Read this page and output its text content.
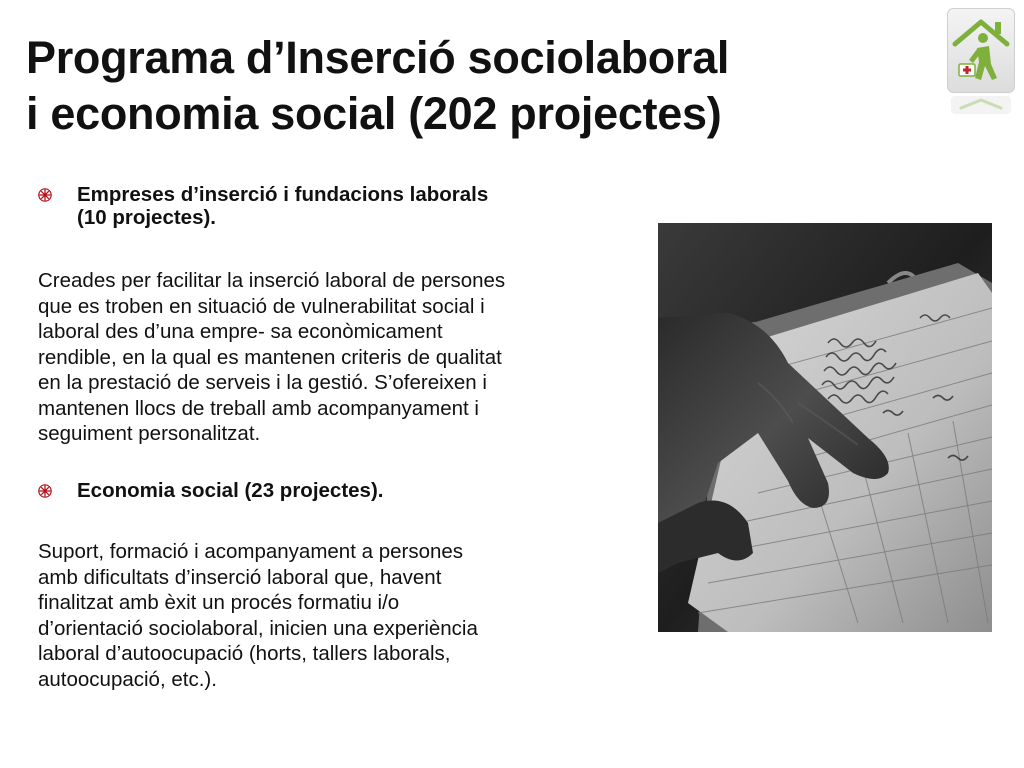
Programa d’Inserció sociolaboral
i economia social (202 projectes)
Empreses d’inserció i fundacions laborals
(10 projectes).
Creades per facilitar la inserció laboral de persones
que es troben en situació de vulnerabilitat social i
laboral des d’una empre- sa econòmicament
rendible, en la qual es mantenen criteris de qualitat
en la prestació de serveis i la gestió. S’ofereixen i
mantenen llocs de treball amb acompanyament i
seguiment personalitzat.
Economia social (23 projectes).
Suport, formació i acompanyament a persones
amb dificultats d’inserció laboral que, havent
finalitzat amb èxit un procés formatiu i/o
d’orientació sociolaboral, inicien una experiència
laboral d’autoocupació (horts, tallers laborals,
autoocupació, etc.).
